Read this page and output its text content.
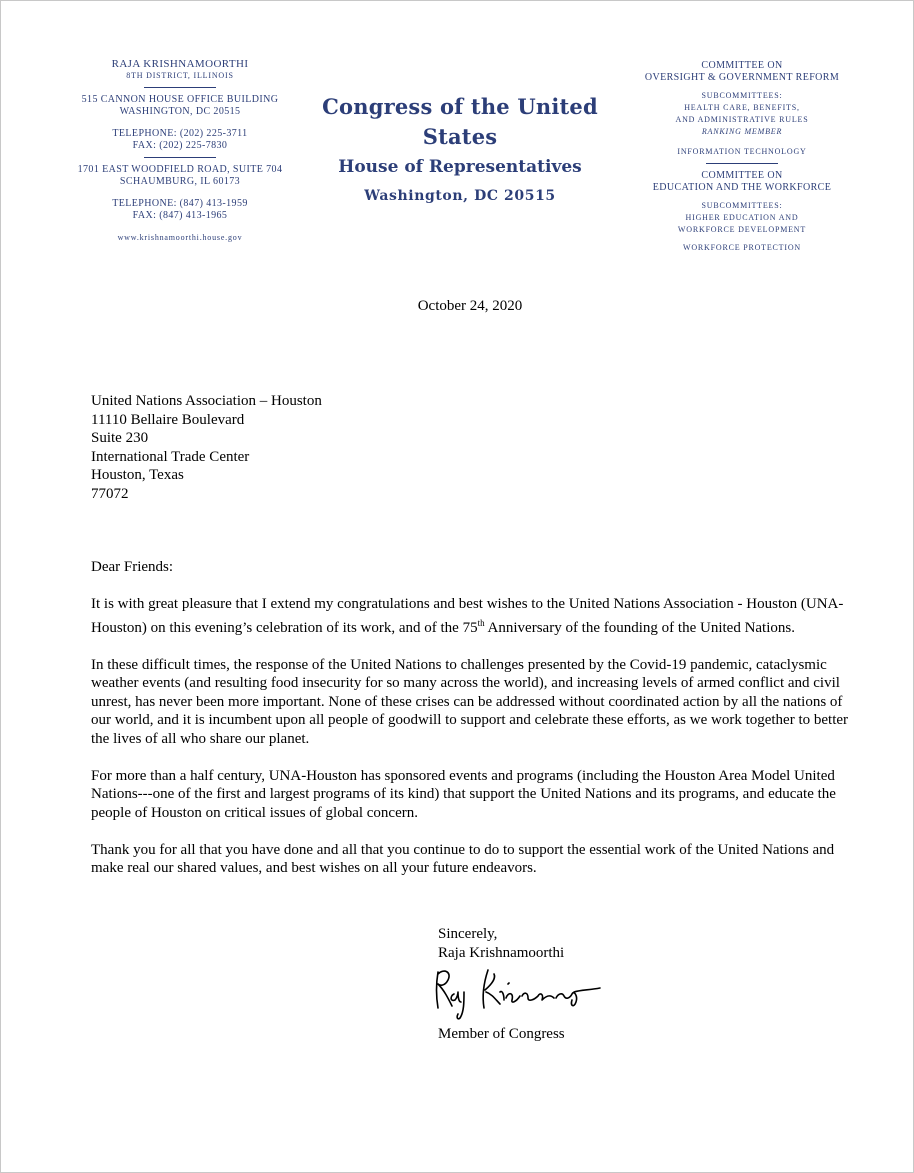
RAJA KRISHNAMOORTHI
8TH DISTRICT, ILLINOIS
515 CANNON HOUSE OFFICE BUILDING
WASHINGTON, DC 20515
TELEPHONE: (202) 225-3711
FAX: (202) 225-7830
1701 EAST WOODFIELD ROAD, SUITE 704
SCHAUMBURG, IL 60173
TELEPHONE: (847) 413-1959
FAX: (847) 413-1965
www.krishnamoorthi.house.gov
Congress of the United States
House of Representatives
Washington, DC 20515
COMMITTEE ON
OVERSIGHT & GOVERNMENT REFORM
SUBCOMMITTEES:
HEALTH CARE, BENEFITS,
AND ADMINISTRATIVE RULES
RANKING MEMBER
INFORMATION TECHNOLOGY
COMMITTEE ON
EDUCATION AND THE WORKFORCE
SUBCOMMITTEES:
HIGHER EDUCATION AND
WORKFORCE DEVELOPMENT
WORKFORCE PROTECTION
October 24, 2020
United Nations Association – Houston
11110 Bellaire Boulevard
Suite 230
International Trade Center
Houston, Texas
77072

Dear Friends:

It is with great pleasure that I extend my congratulations and best wishes to the United Nations Association - Houston (UNA-Houston) on this evening’s celebration of its work, and of the 75th Anniversary of the founding of the United Nations.

In these difficult times, the response of the United Nations to challenges presented by the Covid-19 pandemic, cataclysmic weather events (and resulting food insecurity for so many across the world), and increasing levels of armed conflict and civil unrest, has never been more important. None of these crises can be addressed without coordinated action by all the nations of our world, and it is incumbent upon all people of goodwill to support and celebrate these efforts, as we work together to better the lives of all who share our planet.

For more than a half century, UNA-Houston has sponsored events and programs (including the Houston Area Model United Nations---one of the first and largest programs of its kind) that support the United Nations and its programs, and educate the people of Houston on critical issues of global concern.

Thank you for all that you have done and all that you continue to do to support the essential work of the United Nations and make real our shared values, and best wishes on all your future endeavors.

Sincerely,
Raja Krishnamoorthi
Member of Congress
